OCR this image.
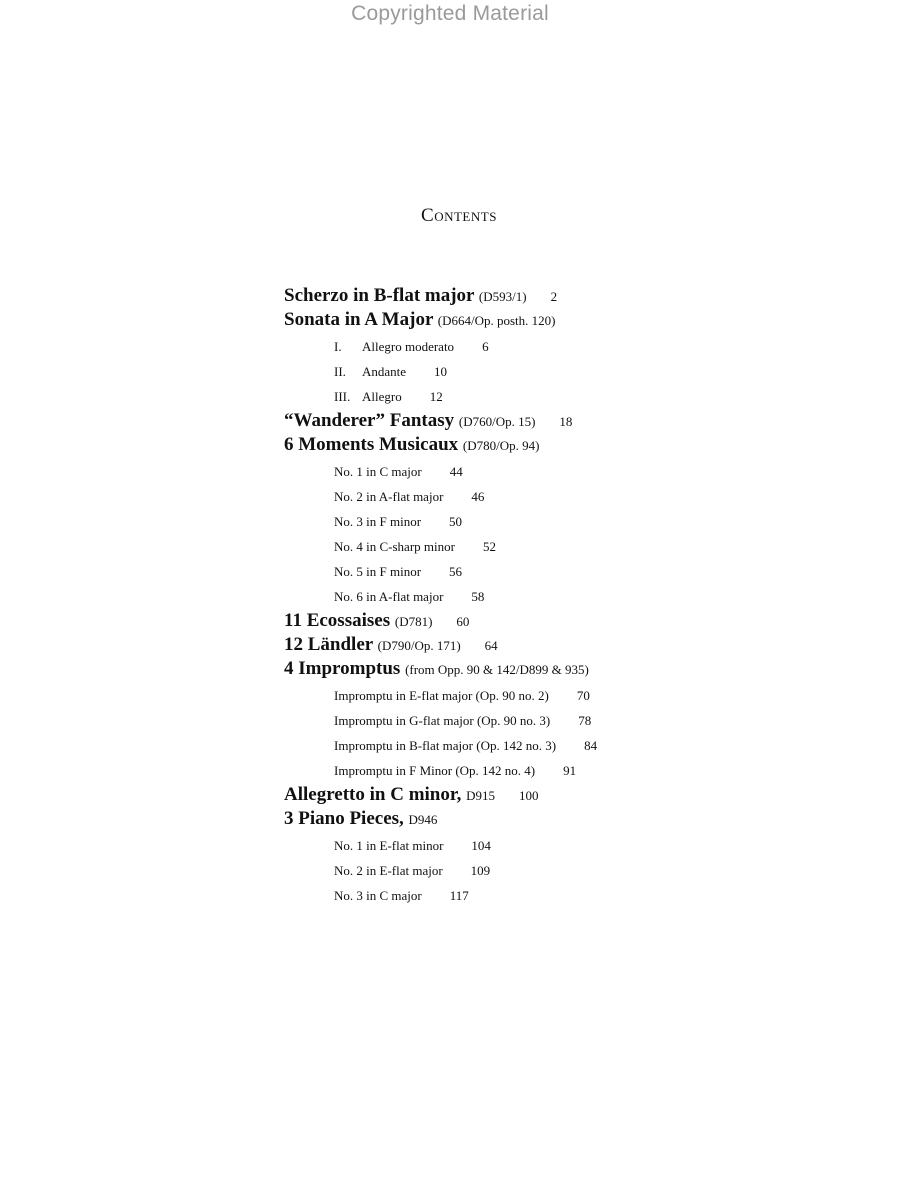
Copyrighted Material
Contents
Scherzo in B-flat major (D593/1) 2
Sonata in A Major (D664/Op. posth. 120)
I. Allegro moderato 6
II. Andante 10
III. Allegro 12
“Wanderer” Fantasy (D760/Op. 15) 18
6 Moments Musicaux (D780/Op. 94)
No. 1 in C major 44
No. 2 in A-flat major 46
No. 3 in F minor 50
No. 4 in C-sharp minor 52
No. 5 in F minor 56
No. 6 in A-flat major 58
11 Ecossaises (D781) 60
12 Ländler (D790/Op. 171) 64
4 Impromptus (from Opp. 90 & 142/D899 & 935)
Impromptu in E-flat major (Op. 90 no. 2) 70
Impromptu in G-flat major (Op. 90 no. 3) 78
Impromptu in B-flat major (Op. 142 no. 3) 84
Impromptu in F Minor (Op. 142 no. 4) 91
Allegretto in C minor, D915 100
3 Piano Pieces, D946
No. 1 in E-flat minor 104
No. 2 in E-flat major 109
No. 3 in C major 117
